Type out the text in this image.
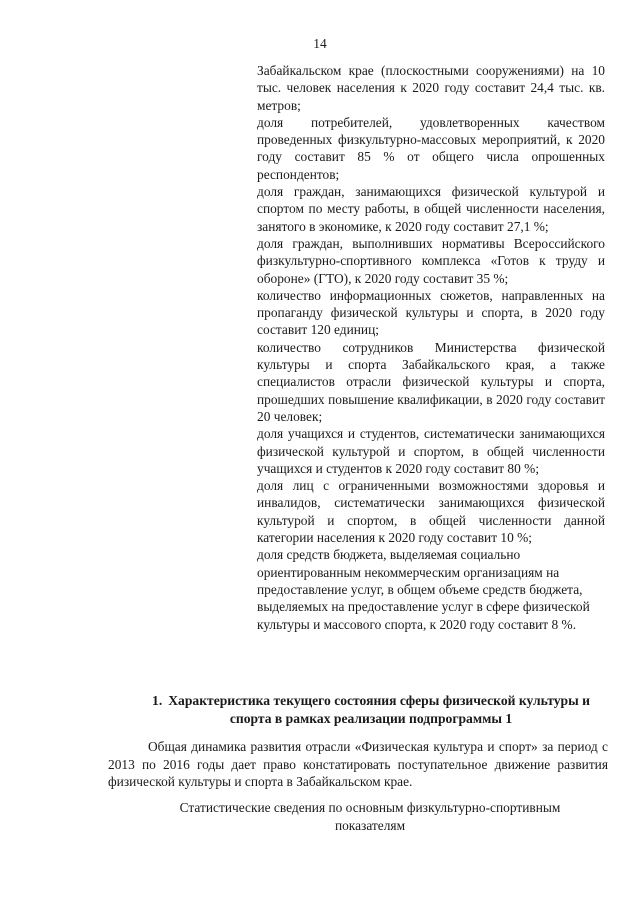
14

Забайкальском крае (плоскостными сооружениями) на 10 тыс. человек населения к 2020 году составит 24,4 тыс. кв. метров;

доля потребителей, удовлетворенных качеством проведенных физкультурно-массовых мероприятий, к 2020 году составит 85 % от общего числа опрошенных респондентов;

доля граждан, занимающихся физической культурой и спортом по месту работы, в общей численности населения, занятого в экономике, к 2020 году составит 27,1 %;

доля граждан, выполнивших нормативы Всероссийского физкультурно-спортивного комплекса «Готов к труду и обороне» (ГТО), к 2020 году составит 35 %;

количество информационных сюжетов, направленных на пропаганду физической культуры и спорта, в 2020 году составит 120 единиц;

количество сотрудников Министерства физической культуры и спорта Забайкальского края, а также специалистов отрасли физической культуры и спорта, прошедших повышение квалификации, в 2020 году составит 20 человек;

доля учащихся и студентов, систематически занимающихся физической культурой и спортом, в общей численности учащихся и студентов к 2020 году составит 80 %;

доля лиц с ограниченными возможностями здоровья и инвалидов, систематически занимающихся физической культурой и спортом, в общей численности данной категории населения к 2020 году составит 10 %;

доля средств бюджета, выделяемая социально ориентированным некоммерческим организациям на предоставление услуг, в общем объеме средств бюджета, выделяемых на предоставление услуг в сфере физической культуры и массового спорта, к 2020 году составит 8 %.

1. Характеристика текущего состояния сферы физической культуры и спорта в рамках реализации подпрограммы 1

Общая динамика развития отрасли «Физическая культура и спорт» за период с 2013 по 2016 годы дает право констатировать поступательное движение развития физической культуры и спорта в Забайкальском крае.

Статистические сведения по основным физкультурно-спортивным показателям
